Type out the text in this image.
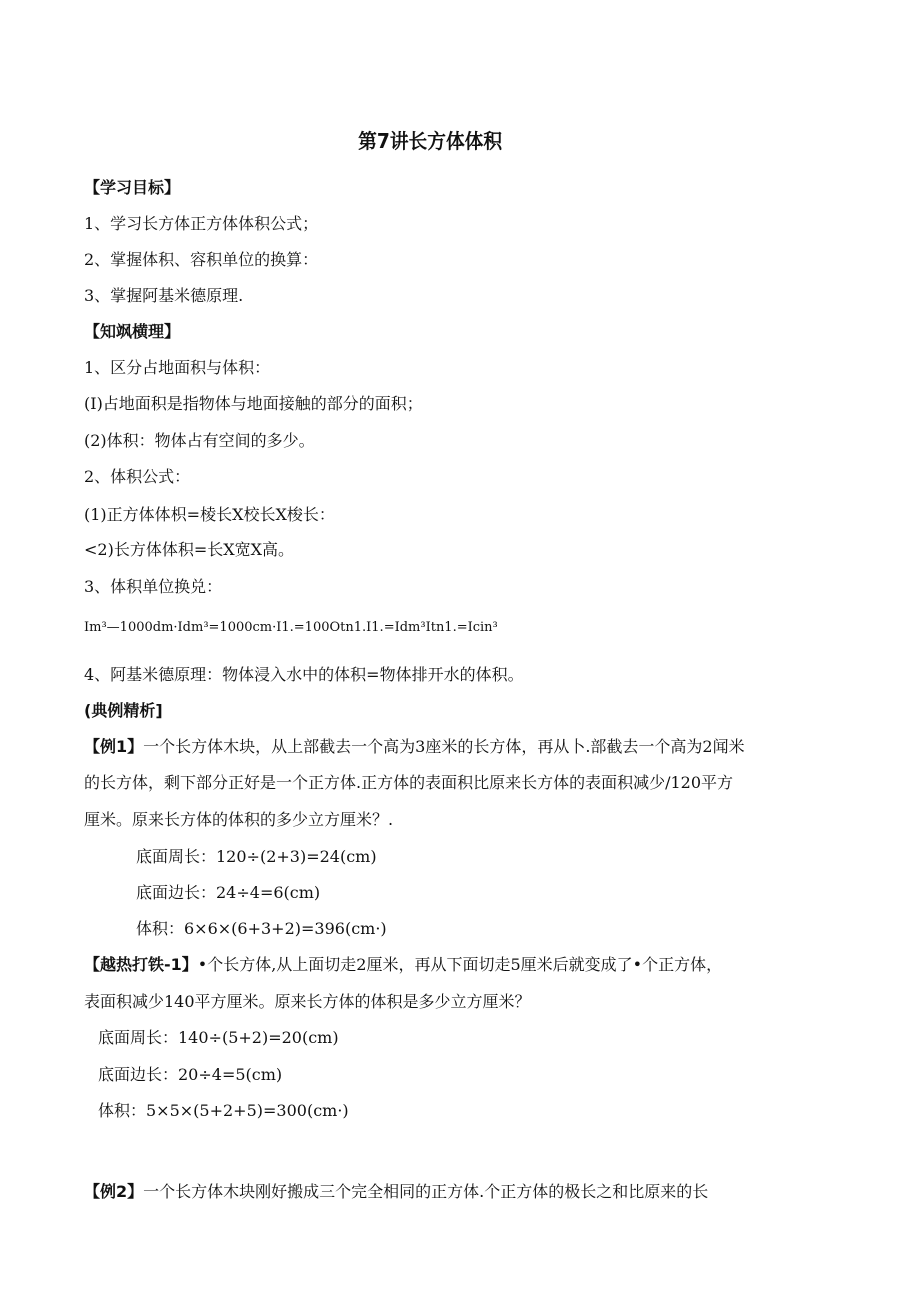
第7讲长方体体积
【学习目标】
1、学习长方体正方体体积公式；
2、掌握体积、容积单位的换算：
3、掌握阿基米德原理.
【知飒横理】
1、区分占地面积与体积：
(I)占地面积是指物体与地面接触的部分的面积；
(2)体积：物体占有空间的多少。
2、体积公式：
(1)正方体体枳=棱长X校长X梭长：
<2)长方体体积=长X宽X高。
3、体积单位换兑：
Im³—1000dm·Idm³=1000cm·I1.=100Otn1.I1.=Idm³Itn1.=Icin³
4、阿基米德原理：物体浸入水中的体积=物体排开水的体积。
(典例精析]
【例1】一个长方体木块，从上部截去一个高为3座米的长方体，再从卜.部截去一个高为2闻米
的长方体，剩下部分正好是一个正方体.正方体的表面积比原来长方体的表面积减少/120平方
厘米。原来长方体的体积的多少立方厘米？.
底面周长：120÷(2+3)=24(cm)
底面边长：24÷4=6(cm)
体积：6×6×(6+3+2)=396(cm·)
【越热打铁-1】•个长方体,从上面切走2厘米，再从下面切走5厘米后就变成了•个正方体，
表面积减少140平方厘米。原来长方体的体积是多少立方厘米？
底面周长：140÷(5+2)=20(cm)
底面边长：20÷4=5(cm)
体积：5×5×(5+2+5)=300(cm·)
【例2】一个长方体木块刚好搬成三个完全相同的正方体.个正方体的极长之和比原来的长
